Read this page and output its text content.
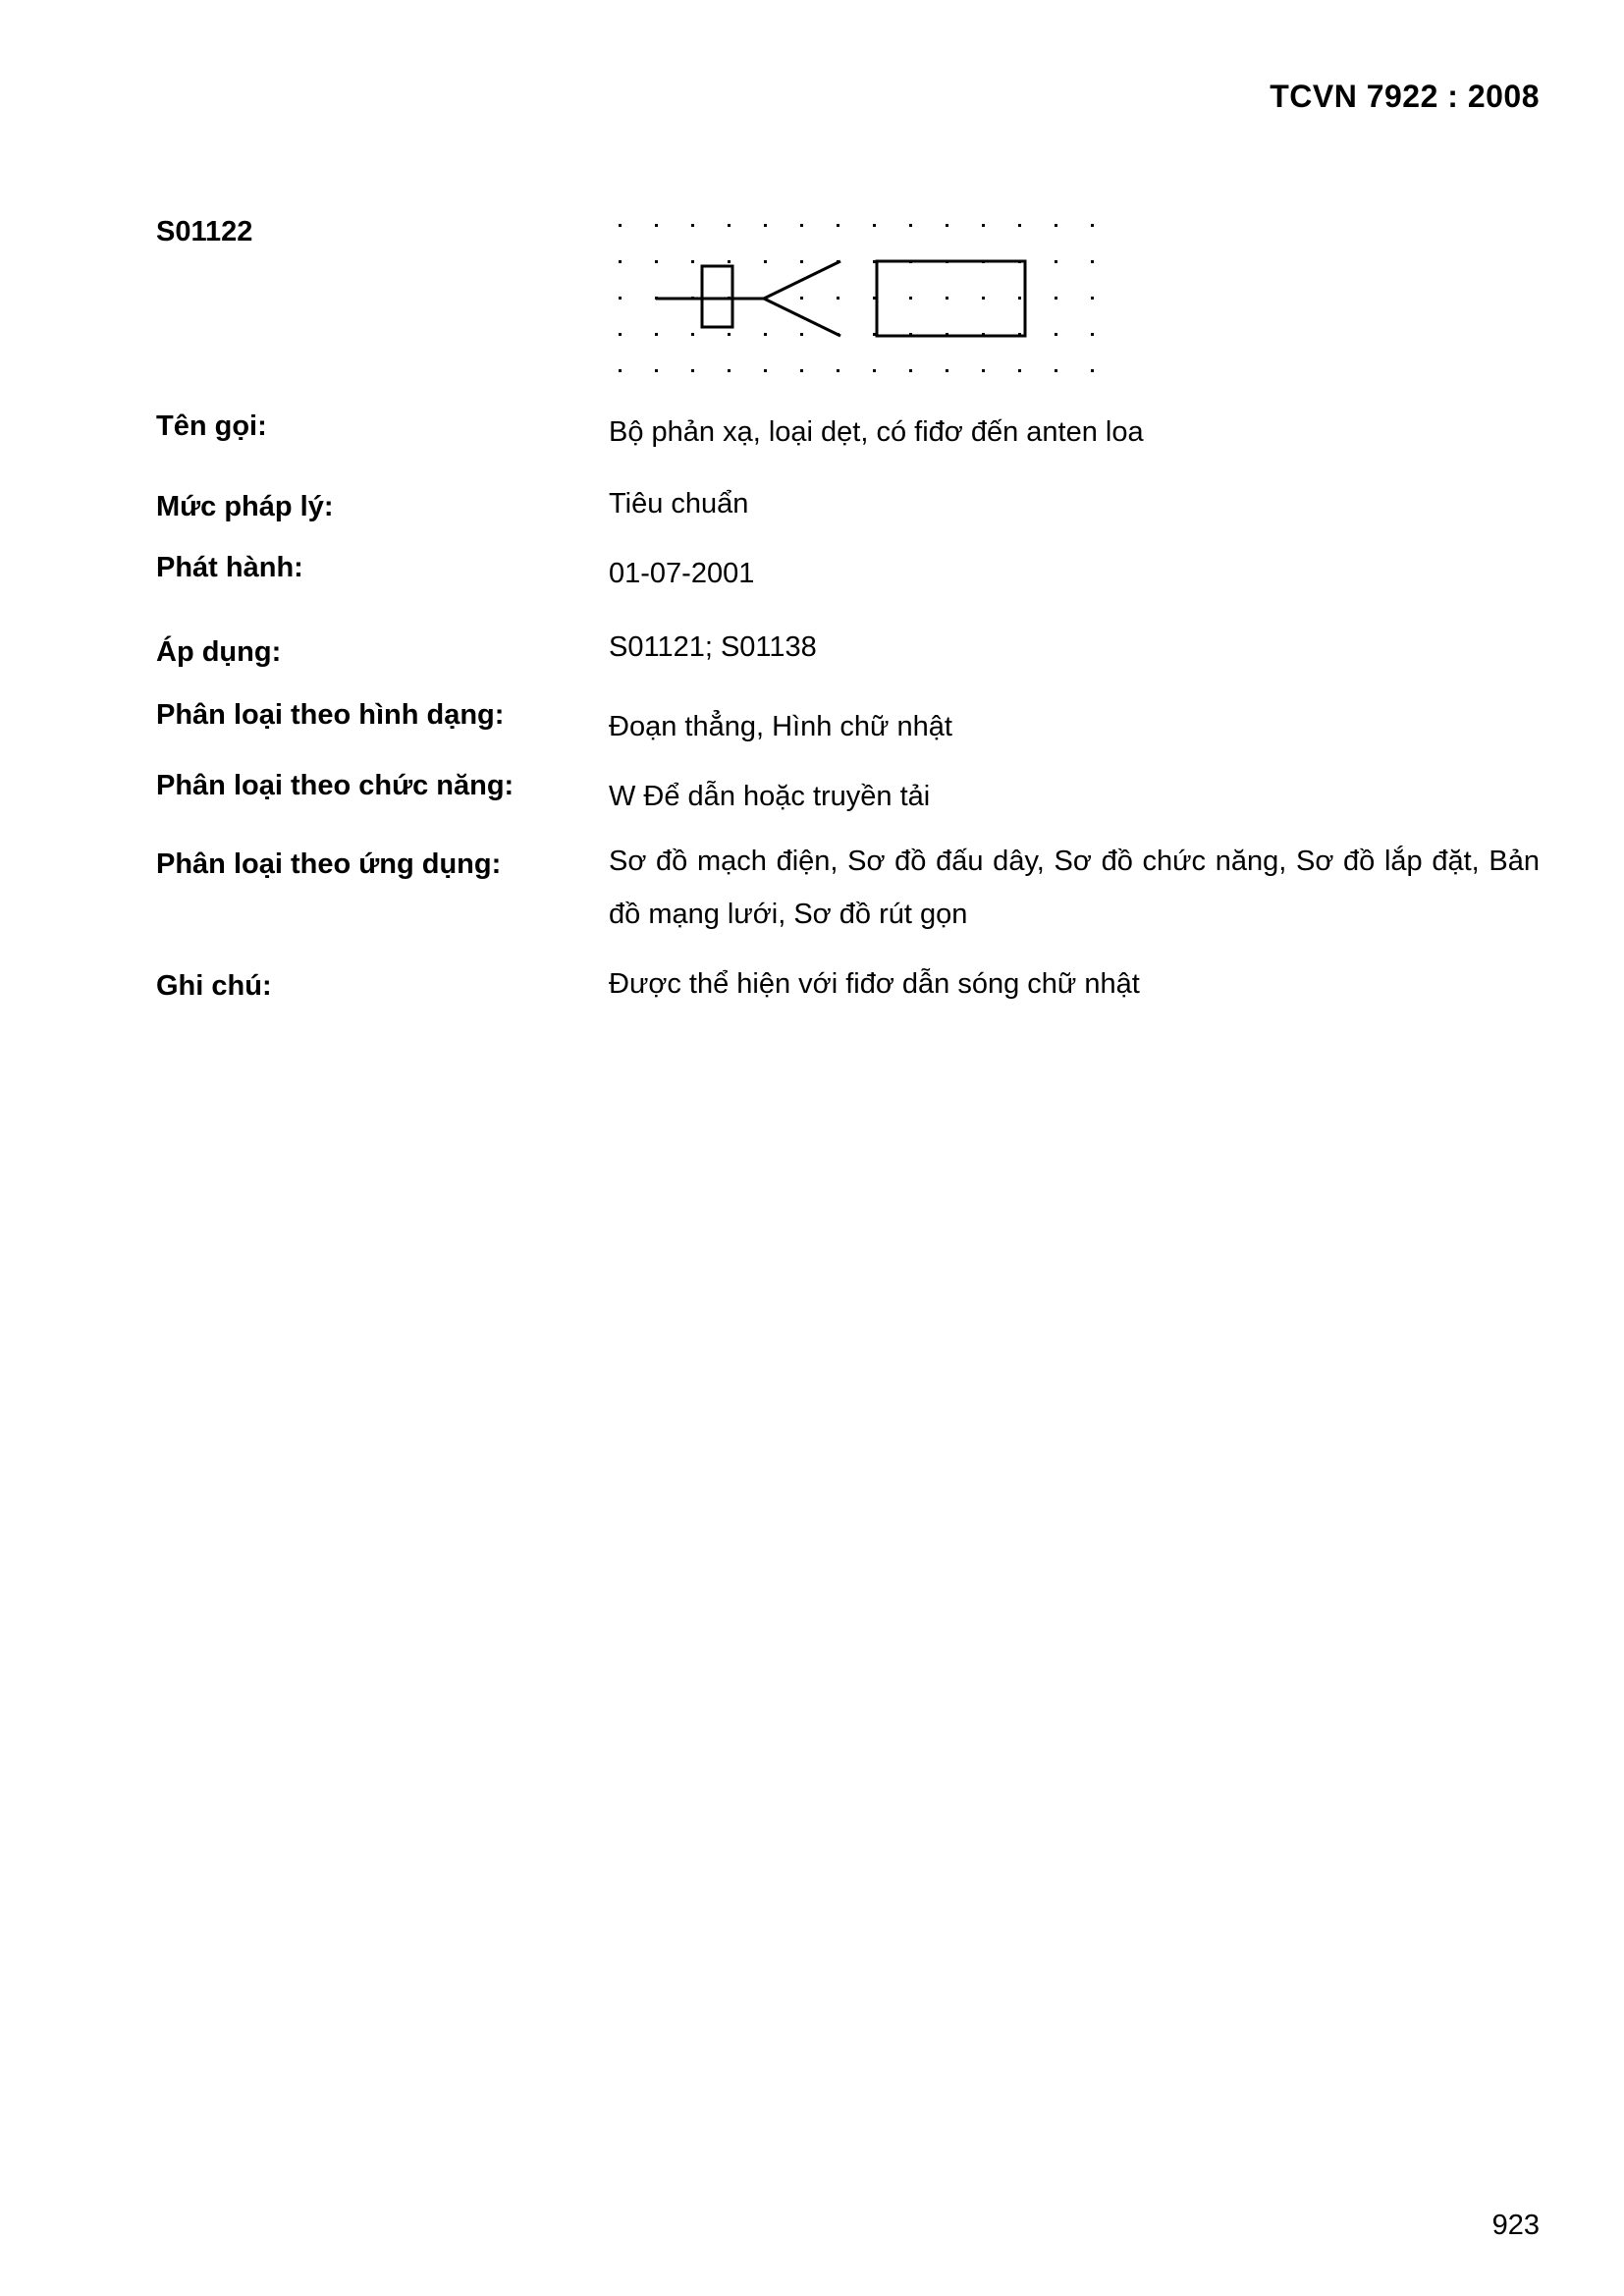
TCVN 7922 : 2008
S01122
Tên gọi:	Bộ phản xạ, loại dẹt, có fiđơ đến anten loa
Mức pháp lý:	Tiêu chuẩn
Phát hành:	01-07-2001
Áp dụng:	S01121; S01138
Phân loại theo hình dạng:	Đoạn thẳng, Hình chữ nhật
Phân loại theo chức năng:	W Để dẫn hoặc truyền tải
Phân loại theo ứng dụng:	Sơ đồ mạch điện, Sơ đồ đấu dây, Sơ đồ chức năng, Sơ đồ lắp đặt, Bản đồ mạng lưới, Sơ đồ rút gọn
Ghi chú:	Được thể hiện với fiđơ dẫn sóng chữ nhật
923
